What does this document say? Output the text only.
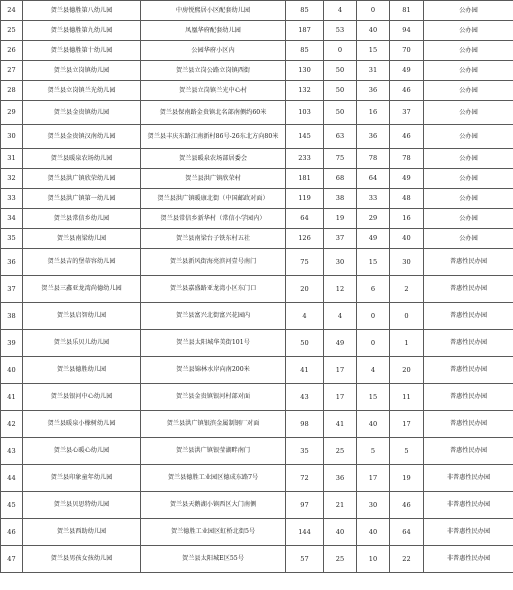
24	贺兰县德胜第八幼儿园	中房悦熙居小区配套幼儿园	85	4	0	81	公办园
25	贺兰县德胜第九幼儿园	凤凰华府配套幼儿园	187	53	40	94	公办园
26	贺兰县德胜第十幼儿园	公园华府小区内	85	0	15	70	公办园
27	贺兰县立岗镇幼儿园	贺兰县立岗公路立岗镇西街	130	50	31	49	公办园
28	贺兰县立岗镇兰光幼儿园	贺兰县立岗镇兰光中心村	132	50	36	46	公办园
29	贺兰县金贵镇幼儿园	贺兰县保南路金贵镇北名部南侧约60米	103	50	16	37	公办园
30	贺兰县金贵镇汉南幼儿园	贺兰县丰庆东路江南新村86号-26东北方向80米	145	63	36	46	公办园
31	贺兰县暖泉农场幼儿园	贺兰县暖泉农场部居委会	233	75	78	78	公办园
32	贺兰县洪广镇欣荣幼儿园	贺兰县洪广镇欣荣村	181	68	64	49	公办园
33	贺兰县洪广镇第一幼儿园	贺兰县洪广镇暖康北街（中国邮政对面）	119	38	33	48	公办园
34	贺兰县常信乡幼儿园	贺兰县常信乡新华村（常信小学园内）	64	19	29	16	公办园
35	贺兰县南梁幼儿园	贺兰县南梁台子铁东村五社	126	37	49	40	公办园
36	贺兰县吉的堡蒂容幼儿园	贺兰县新风街海亮滨河壹号南门	75	30	15	30	普惠性民办园
37	贺兰县三鑫亚龙湾尚德幼儿园	贺兰县嘉盛路亚龙湾小区东门口	20	12	6	2	普惠性民办园
38	贺兰县启智幼儿园	贺兰县富兴北街富兴花园内	4	4	0	0	普惠性民办园
39	贺兰县乐贝儿幼儿园	贺兰县太阳城华美街101号	50	49	0	1	普惠性民办园
40	贺兰县德胜幼儿园	贺兰县锦林水岸向南200米	41	17	4	20	普惠性民办园
41	贺兰县银河中心幼儿园	贺兰县金贵镇银河村部对面	43	17	15	11	普惠性民办园
42	贺兰县暖泉小橡树幼儿园	贺兰县洪广镇银滨金属制钢厂对面	98	41	40	17	普惠性民办园
43	贺兰县心暖心幼儿园	贺兰县洪广镇银莹湖畔南门	35	25	5	5	普惠性民办园
44	贺兰县印象童年幼儿园	贺兰县德胜工业园区德成东路7号	72	36	17	19	非普惠性民办园
45	贺兰县贝思特幼儿园	贺兰县天鹅湖小镇西区大门南侧	97	21	30	46	非普惠性民办园
46	贺兰县西助幼儿园	贺兰德胜工业园区虹桥北街5号	144	40	40	64	非普惠性民办园
47	贺兰县男孩女孩幼儿园	贺兰县太阳城E区55号	57	25	10	22	非普惠性民办园
